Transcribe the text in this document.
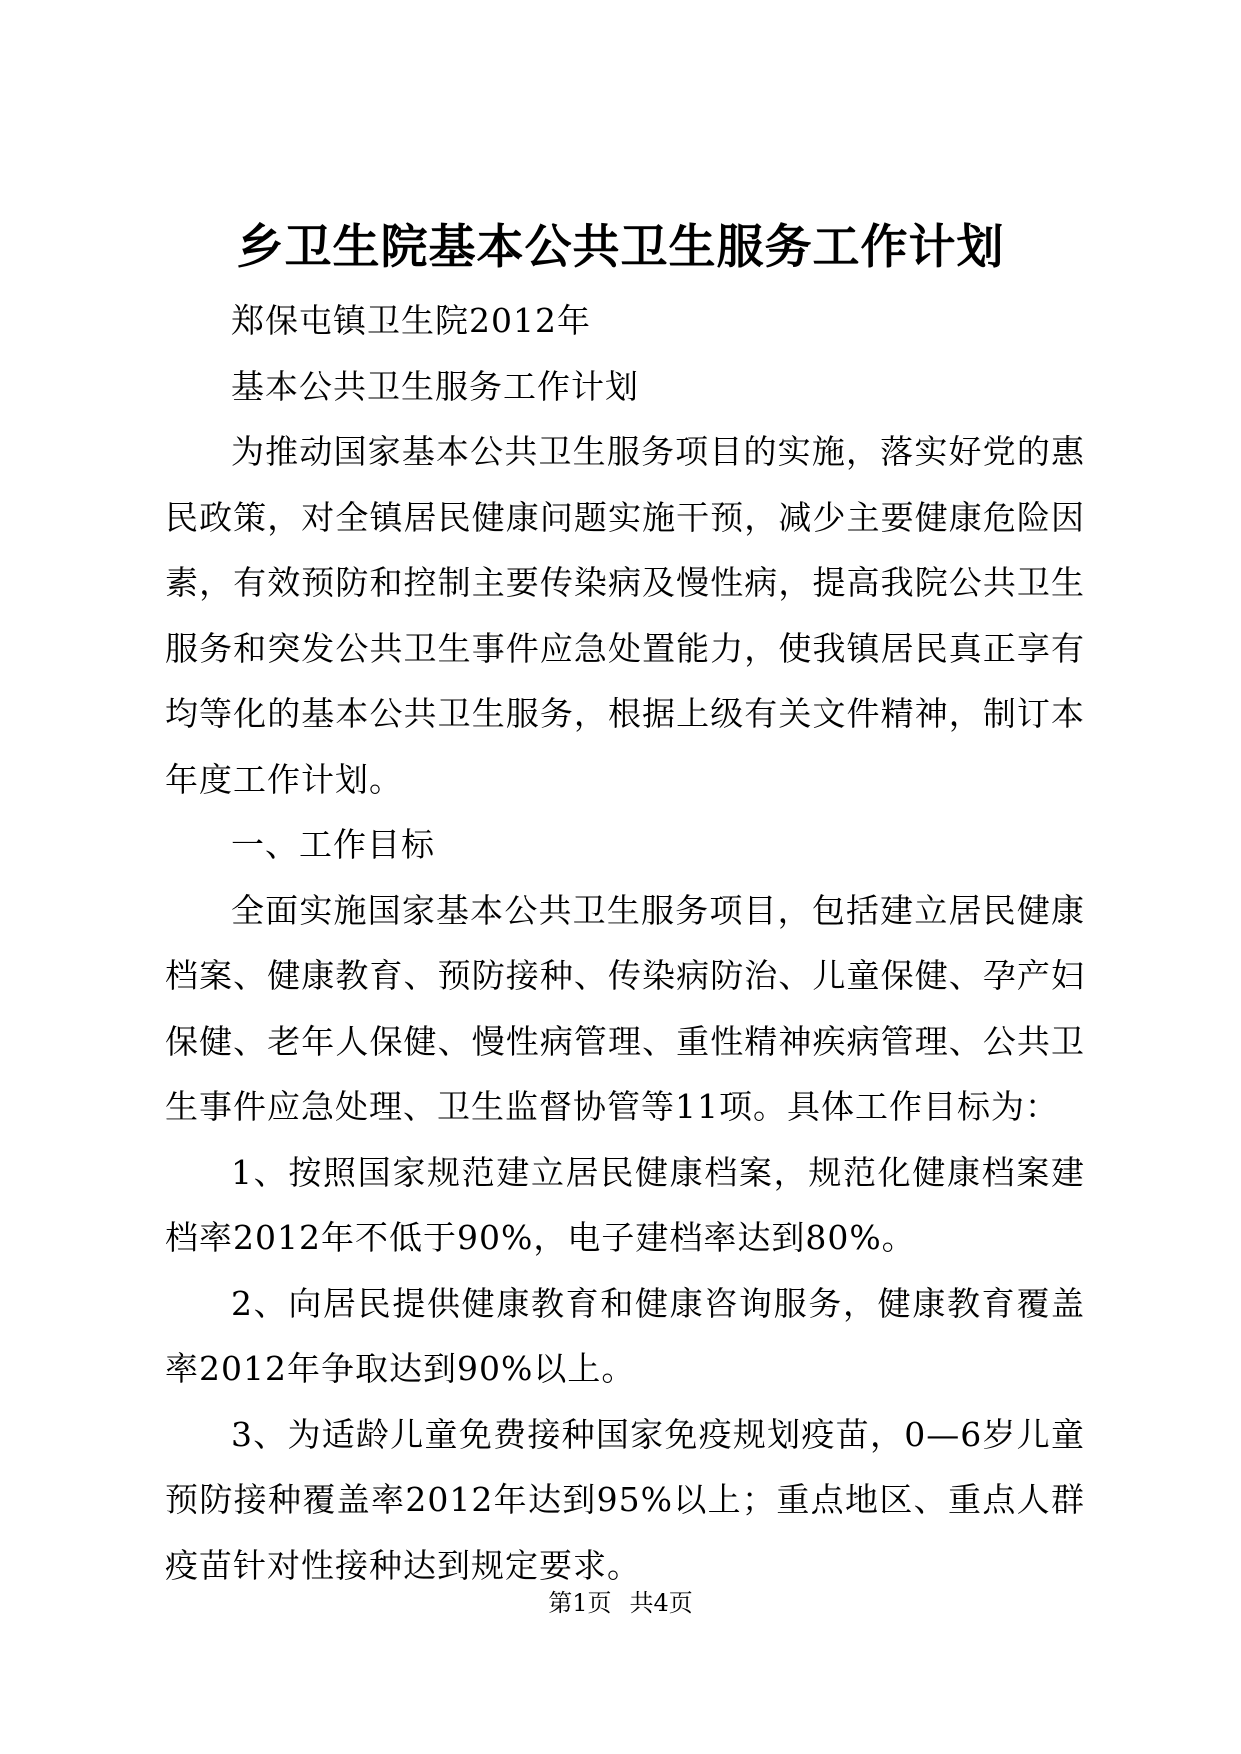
乡卫生院基本公共卫生服务工作计划

郑保屯镇卫生院2012年

基本公共卫生服务工作计划

为推动国家基本公共卫生服务项目的实施，落实好党的惠民政策，对全镇居民健康问题实施干预，减少主要健康危险因素，有效预防和控制主要传染病及慢性病，提高我院公共卫生服务和突发公共卫生事件应急处置能力，使我镇居民真正享有均等化的基本公共卫生服务，根据上级有关文件精神，制订本年度工作计划。

一、工作目标

全面实施国家基本公共卫生服务项目，包括建立居民健康档案、健康教育、预防接种、传染病防治、儿童保健、孕产妇保健、老年人保健、慢性病管理、重性精神疾病管理、公共卫生事件应急处理、卫生监督协管等11项。具体工作目标为：

1、按照国家规范建立居民健康档案，规范化健康档案建档率2012年不低于90%，电子建档率达到80%。

2、向居民提供健康教育和健康咨询服务，健康教育覆盖率2012年争取达到90%以上。

3、为适龄儿童免费接种国家免疫规划疫苗，0—6岁儿童预防接种覆盖率2012年达到95%以上；重点地区、重点人群疫苗针对性接种达到规定要求。

第1页 共4页
